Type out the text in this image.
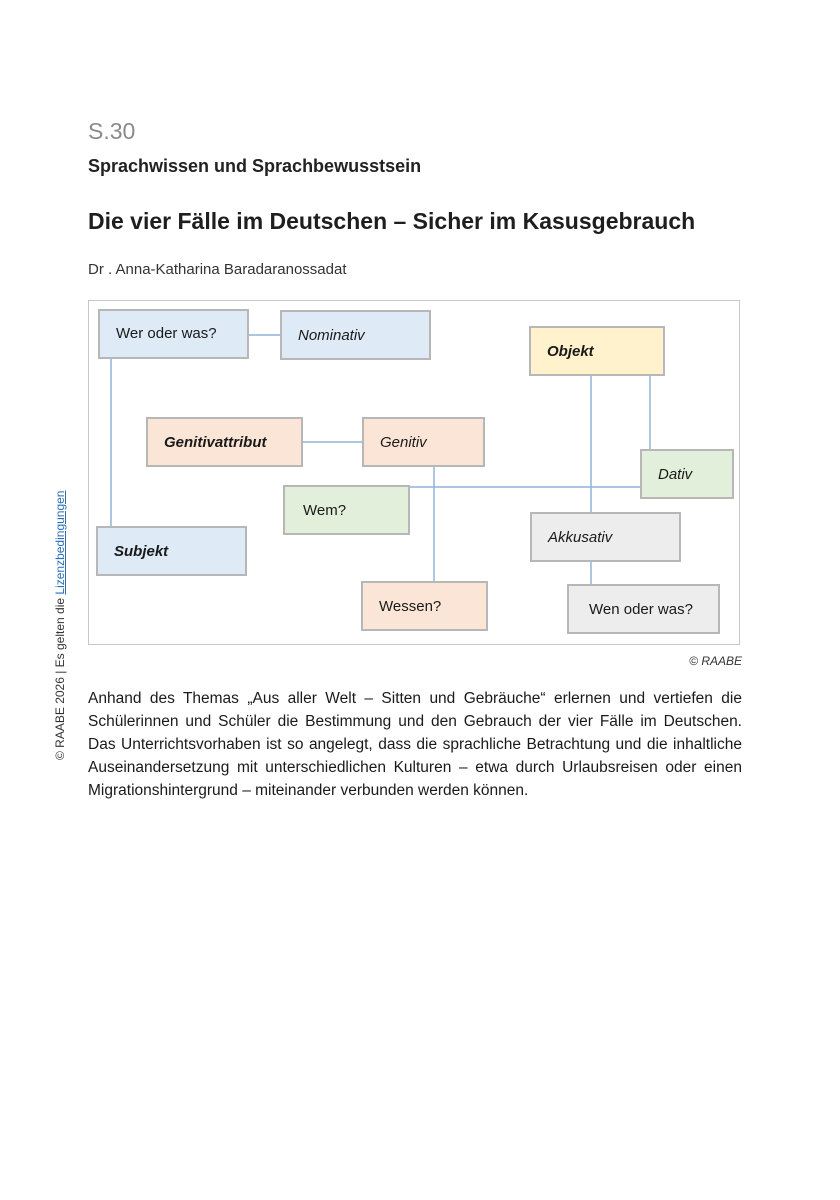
© RAABE 2026 | Es gelten die Lizenzbedingungen
S.30
Sprachwissen und Sprachbewusstsein
Die vier Fälle im Deutschen – Sicher im Kasusgebrauch
Dr . Anna-Katharina Baradaranossadat
Wer oder was?	Nominativ
Objekt
Genitivattribut	Genitiv
Dativ
Wem?
Akkusativ
Subjekt
Wessen?	Wen oder was?
© RAABE
Anhand des Themas „Aus aller Welt – Sitten und Gebräuche“ erlernen und vertiefen die Schülerinnen und Schüler die Bestimmung und den Gebrauch der vier Fälle im Deutschen. Das Unterrichtsvorhaben ist so angelegt, dass die sprachliche Betrachtung und die inhaltliche Auseinandersetzung mit unterschiedlichen Kulturen – etwa durch Urlaubsreisen oder einen Migrationshintergrund – miteinander verbunden werden können.
